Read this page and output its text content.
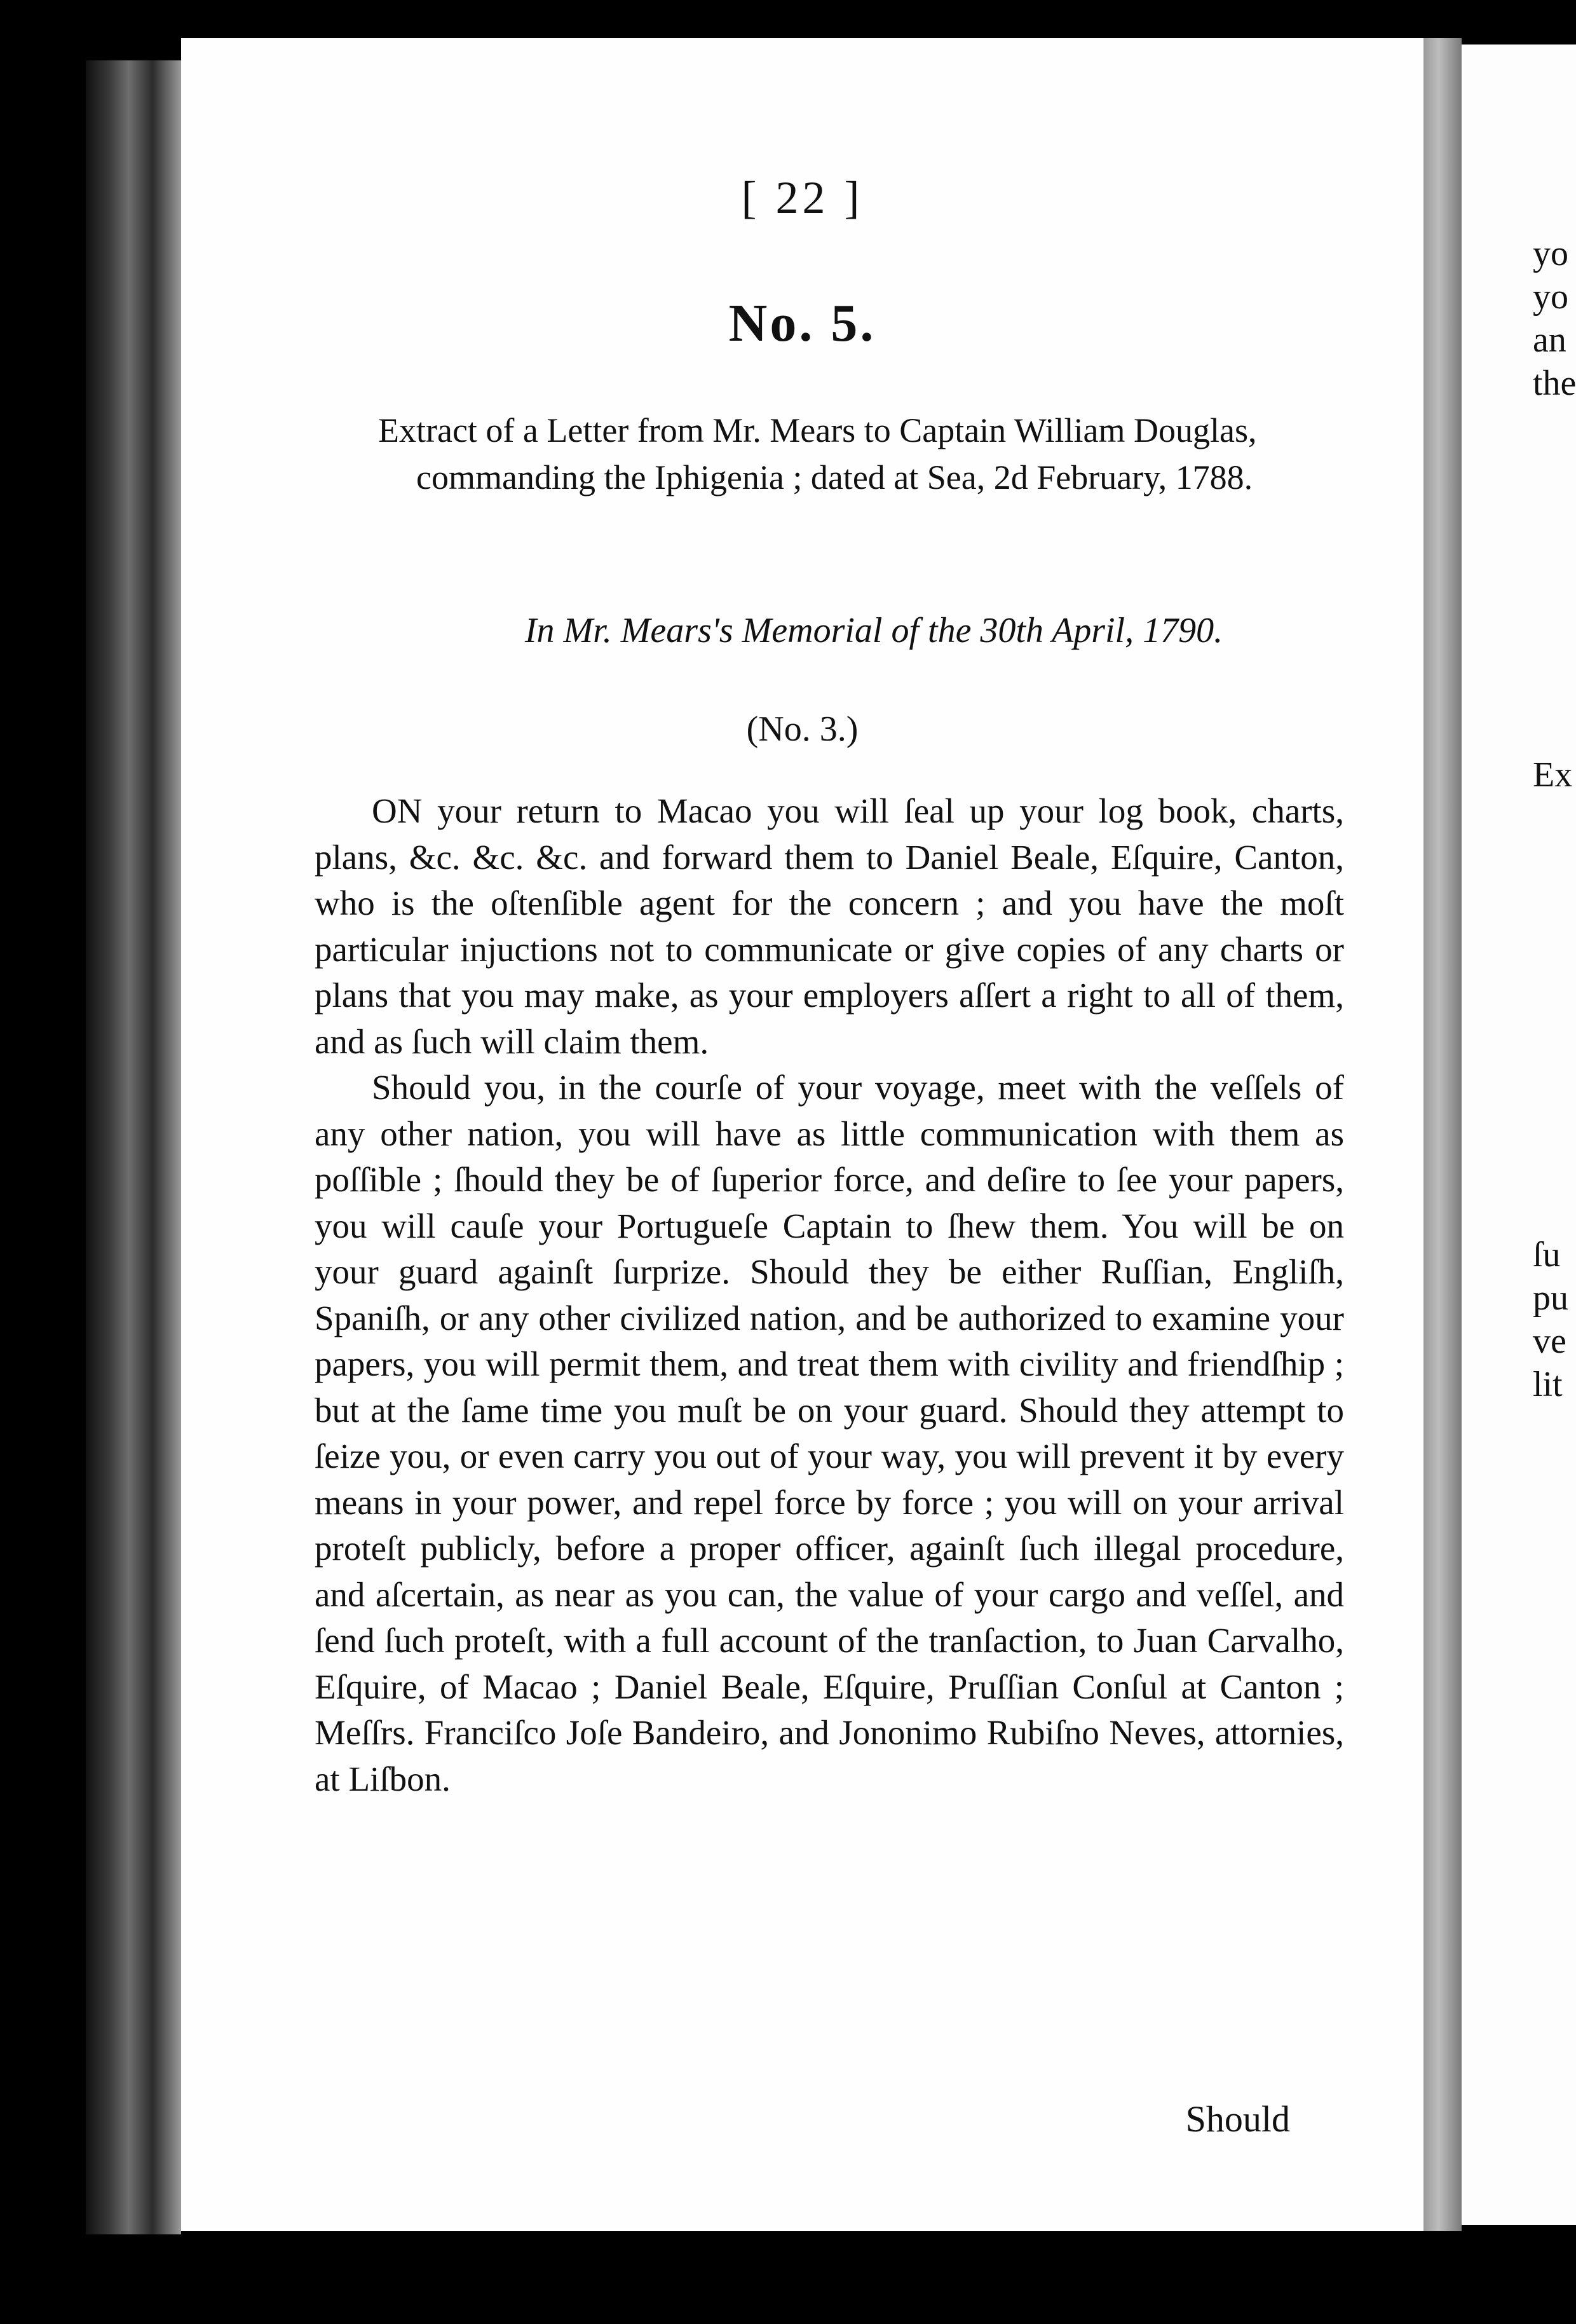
[ 22 ]
No. 5.
Extract of a Letter from Mr. Mears to Captain William Douglas, commanding the Iphigenia ; dated at Sea, 2d February, 1788.
In Mr. Mears's Memorial of the 30th April, 1790.
(No. 3.)

ON your return to Macao you will ſeal up your log book, charts, plans, &c. &c. &c. and forward them to Daniel Beale, Eſquire, Canton, who is the oſtenſible agent for the concern ; and you have the moſt particular injuctions not to communicate or give copies of any charts or plans that you may make, as your employers aſſert a right to all of them, and as ſuch will claim them.

Should you, in the courſe of your voyage, meet with the veſſels of any other nation, you will have as little communication with them as poſſible ; ſhould they be of ſuperior force, and deſire to ſee your papers, you will cauſe your Portugueſe Captain to ſhew them. You will be on your guard againſt ſurprize. Should they be either Ruſſian, Engliſh, Spaniſh, or any other civilized nation, and be authorized to examine your papers, you will permit them, and treat them with civility and friendſhip ; but at the ſame time you muſt be on your guard. Should they attempt to ſeize you, or even carry you out of your way, you will prevent it by every means in your power, and repel force by force ; you will on your arrival proteſt publicly, before a proper officer, againſt ſuch illegal procedure, and aſcertain, as near as you can, the value of your cargo and veſſel, and ſend ſuch proteſt, with a full account of the tranſaction, to Juan Carvalho, Eſquire, of Macao ; Daniel Beale, Eſquire, Pruſſian Conſul at Canton ; Meſſrs. Franciſco Joſe Bandeiro, and Jononimo Rubiſno Neves, attornies, at Liſbon.

Should
yo
yo
an
the
Ex
ſu
pu
ve
lit
